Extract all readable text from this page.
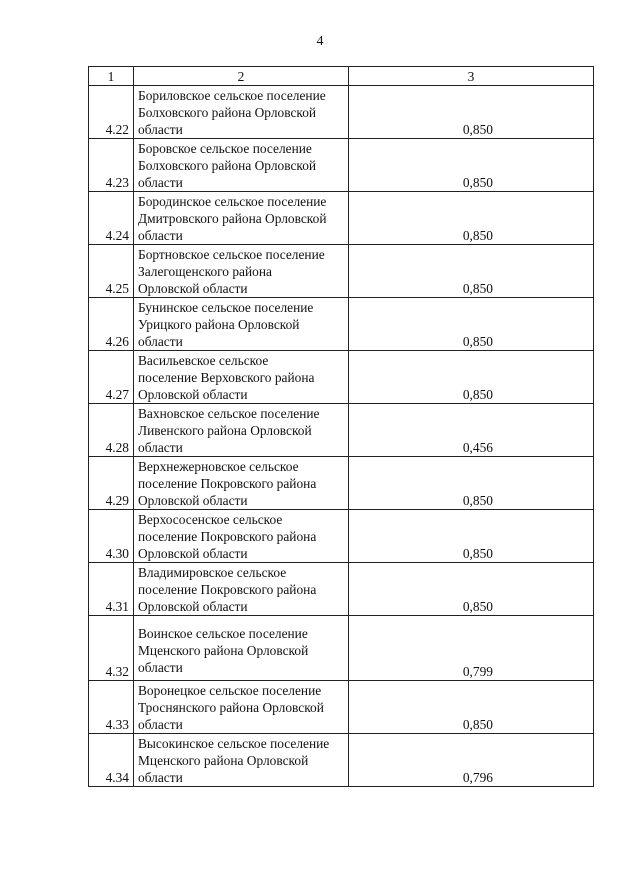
4
1	2	3
4.22	Бориловское сельское поселение
Болховского района Орловской
области	0,850
4.23	Боровское сельское поселение
Болховского района Орловской
области	0,850
4.24	Бородинское сельское поселение
Дмитровского района Орловской
области	0,850
4.25	Бортновское сельское поселение
Залегощенского района
Орловской области	0,850
4.26	Бунинское сельское поселение
Урицкого района Орловской
области	0,850
4.27	Васильевское сельское
поселение Верховского района
Орловской области	0,850
4.28	Вахновское сельское поселение
Ливенского района Орловской
области	0,456
4.29	Верхнежерновское сельское
поселение Покровского района
Орловской области	0,850
4.30	Верхососенское сельское
поселение Покровского района
Орловской области	0,850
4.31	Владимировское сельское
поселение Покровского района
Орловской области	0,850
4.32	Воинское сельское поселение
Мценского района Орловской
области	0,799
4.33	Воронецкое сельское поселение
Троснянского района Орловской
области	0,850
4.34	Высокинское сельское поселение
Мценского района Орловской
области	0,796
